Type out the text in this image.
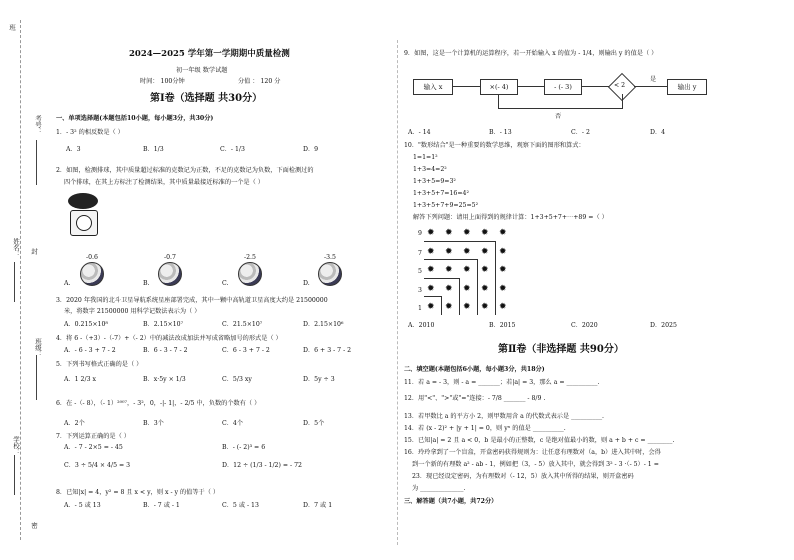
班
考号：
姓名： 封
班级：
学校：
密
2024—2025 学年第一学期期中质量检测
初一年级 数学试题
时间： 100分钟	分值 ： 120 分
第Ⅰ卷（选择题 共30分）
一、单项选择题(本题包括10小题，每小题3分，共30分)
1．- 3² 的相反数是（ ）
A．3	B．1/3	C．- 1/3	D．9
2．如图，检测排球，其中质量超过标准的克数记为正数，不足的克数记为负数，下面检测过的
四个排球，在其上方标注了检测结果，其中质量最接近标准的一个是（ ）
-0.6	-0.7	-2.5	-3.5
A.	B.	C.	D.
3．2020 年我国的北斗卫星导航系统星座部署完成，其中一颗中高轨道卫星高度大约是 21500000
米，将数字 21500000 用科学记数法表示为（ ）
A．0.215×10⁸	B．2.15×10⁷	C．21.5×10⁷	D．2.15×10⁶
4．将 6 -（+3）-（-7）+（- 2）中的减法改成加法并写成省略加号的形式是（ ）
A．- 6 - 3 + 7 - 2	B．6 - 3 - 7 - 2	C．6 - 3 + 7 - 2	D．6 + 3 - 7 - 2
5．下列书写格式正确的是（ ）
A．1 2/3 x	B．x·5y × 1/3	C．5/3 xy	D．5y ÷ 3
6．在 -（- 8），（- 1）²⁰⁰⁷，- 3²，0，-|- 1|，- 2/5 中，负数的个数有（ ）
A．2个	B．3个	C．4个	D．5个
7．下列运算正确的是（ ）
A．- 7 - 2×5 = - 45	B．- (- 2)³ = 6
C．3 ÷ 5/4 × 4/5 = 3	D．12 ÷ (1/3 - 1/2) = - 72
8．已知|x| = 4，y² = 8 且 x < y，则 x - y 的值等于（ ）
A．- 5 或 13	B．- 7 或 - 1	C．5 或 - 13	D．7 或 1
9．如图，这是一个计算机的运算程序，若一开始输入 x 的值为 - 1/4，则输出 y 的值是（ ）
输入 x	×(- 4)	- (- 3)	< 2	输出 y
是
否
A．- 14	B．- 13	C．- 2	D．4
10．"数形结合"是一种重要的数学思维，观察下面的图形和算式：
1=1=1²
1+3=4=2²
1+3+5=9=3²
1+3+5+7=16=4²
1+3+5+7+9=25=5²
解答下列问题：请用上面得到的规律计算：1+3+5+7+⋯+89 =（ ）
9
7
5
3
1
✹ ✹ ✹ ✹ ✹
✹ ✹ ✹ ✹ ✹
✹ ✹ ✹ ✹ ✹
✹ ✹ ✹ ✹ ✹
✹ ✹ ✹ ✹ ✹
A．2010	B．2015	C．2020	D．2025
第Ⅱ卷（非选择题 共90分）
二、填空题(本题包括6小题，每小题3分，共18分)
11．若 a = - 3，则 - a = _______；若|a| = 3，那么 a = __________.
12．用"<"、">"或"="连接：- 7/8 _______ - 8/9 .
13．若甲数比 a 的平方小 2，则甲数用含 a 的代数式表示是 __________.
14．若 (x - 2)² + |y + 1| = 0，则 yˣ 的值是 __________.
15．已知|a| = 2 且 a < 0，b 是最小的正整数，c 是绝对值最小的数，则 a + b + c = ________.
16．玲玲拿到了一个盲盒，开盒密码获得规则为：让任意有理数对（a，b）进入其中时，会得
到一个新的有理数 a² - ab - 1，例如把（3，- 5）放入其中，就会得到 3² - 3 ·（- 5）- 1 =
23．现已经设定密码，为有理数对（- 12，5）放入其中所得的结果，则开盒密码
为 ______________.
三、解答题（共7小题，共72分）
